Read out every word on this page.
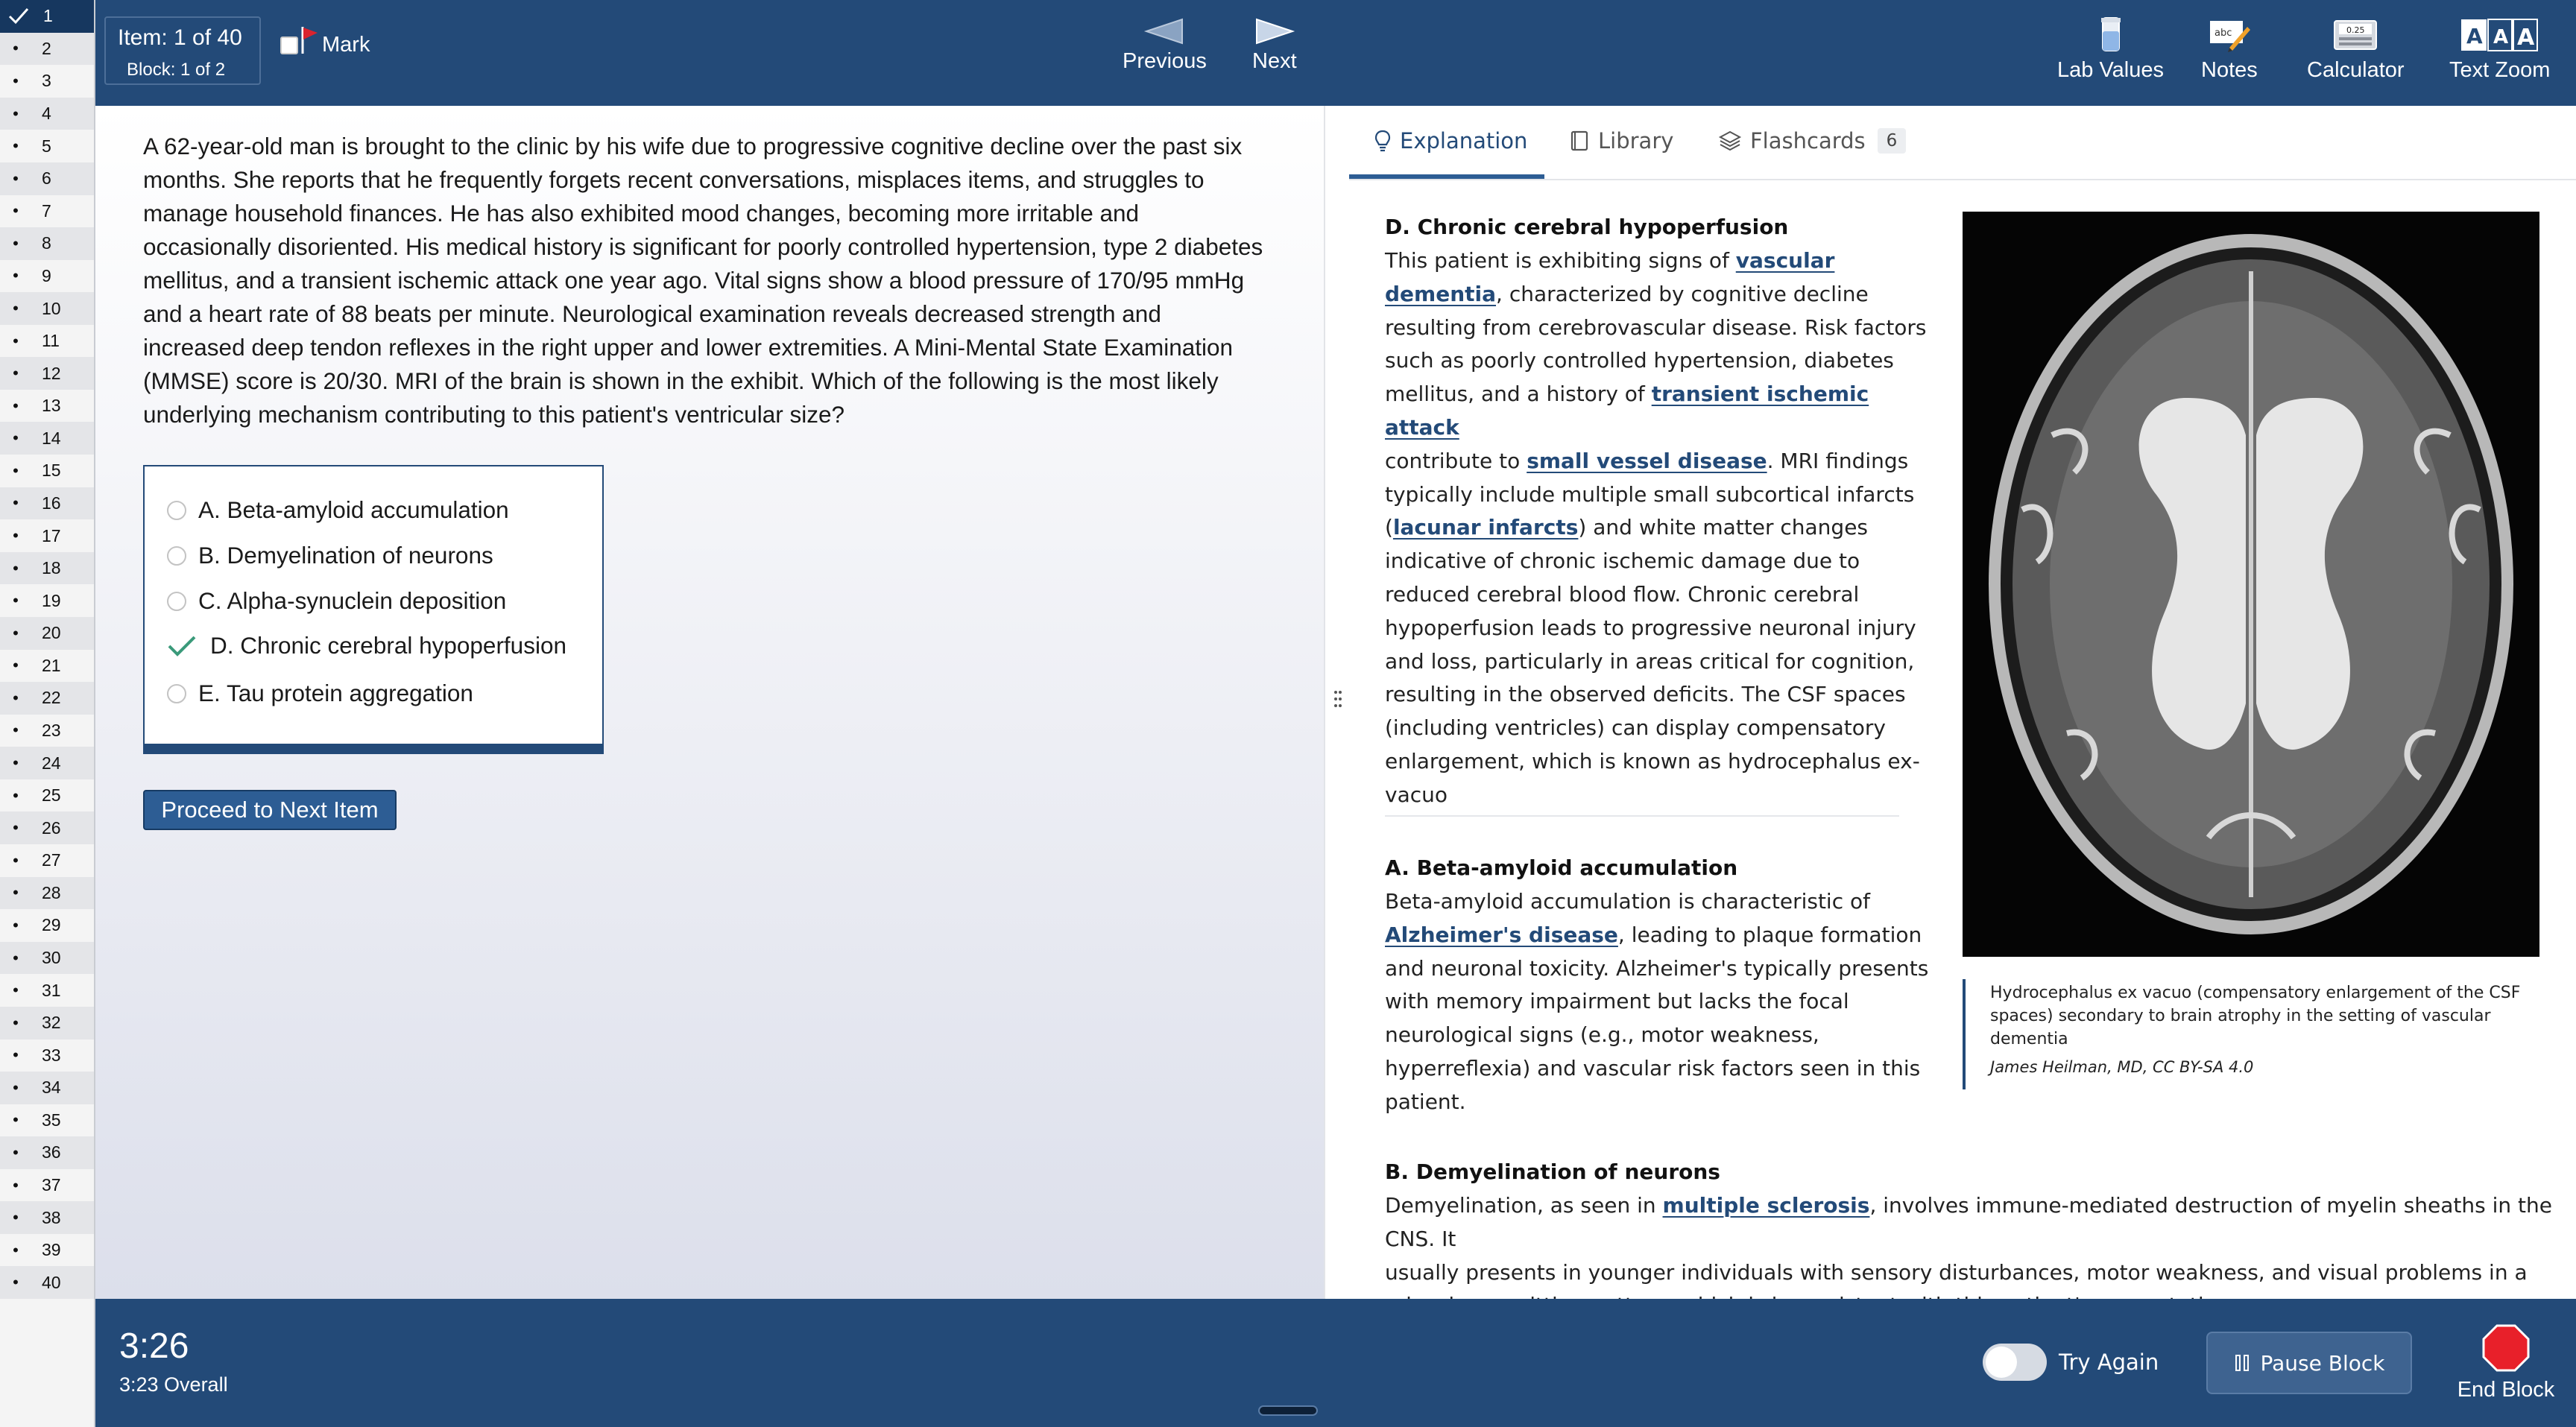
1
•	2
•	3
•	4
•	5
•	6
•	7
•	8
•	9
•	10
•	11
•	12
•	13
•	14
•	15
•	16
•	17
•	18
•	19
•	20
•	21
•	22
•	23
•	24
•	25
•	26
•	27
•	28
•	29
•	30
•	31
•	32
•	33
•	34
•	35
•	36
•	37
•	38
•	39
•	40
Item: 1 of 40
Block: 1 of 2
Mark
Previous Next	Lab Values
abc
Notes
0.25
Calculator
A A A
Text Zoom
A 62-year-old man is brought to the clinic by his wife due to progressive cognitive decline over the past six
months. She reports that he frequently forgets recent conversations, misplaces items, and struggles to
manage household finances. He has also exhibited mood changes, becoming more irritable and
occasionally disoriented. His medical history is significant for poorly controlled hypertension, type 2 diabetes
mellitus, and a transient ischemic attack one year ago. Vital signs show a blood pressure of 170/95 mmHg
and a heart rate of 88 beats per minute. Neurological examination reveals decreased strength and
increased deep tendon reflexes in the right upper and lower extremities. A Mini-Mental State Examination
(MMSE) score is 20/30. MRI of the brain is shown in the exhibit. Which of the following is the most likely
underlying mechanism contributing to this patient's ventricular size?
A. Beta-amyloid accumulation
B. Demyelination of neurons
C. Alpha-synuclein deposition
D. Chronic cerebral hypoperfusion
E. Tau protein aggregation
Proceed to Next Item
Explanation	Library	Flashcards	6
D. Chronic cerebral hypoperfusion
This patient is exhibiting signs of vascular
dementia, characterized by cognitive decline
resulting from cerebrovascular disease. Risk factors
such as poorly controlled hypertension, diabetes
mellitus, and a history of transient ischemic attack
contribute to small vessel disease. MRI findings
typically include multiple small subcortical infarcts
(lacunar infarcts) and white matter changes
indicative of chronic ischemic damage due to
reduced cerebral blood flow. Chronic cerebral
hypoperfusion leads to progressive neuronal injury
and loss, particularly in areas critical for cognition,
resulting in the observed deficits. The CSF spaces
(including ventricles) can display compensatory
enlargement, which is known as hydrocephalus ex-
vacuo
A. Beta-amyloid accumulation
Beta-amyloid accumulation is characteristic of
Alzheimer's disease, leading to plaque formation
and neuronal toxicity. Alzheimer's typically presents
with memory impairment but lacks the focal
neurological signs (e.g., motor weakness,
hyperreflexia) and vascular risk factors seen in this
patient.
B. Demyelination of neurons
Demyelination, as seen in multiple sclerosis, involves immune-mediated destruction of myelin sheaths in the CNS. It
usually presents in younger individuals with sensory disturbances, motor weakness, and visual problems in a
Hydrocephalus ex vacuo (compensatory enlargement of the CSF spaces) secondary to brain atrophy in the setting of vascular dementia
James Heilman, MD, CC BY-SA 4.0
3:26
3:23 Overall
Try Again	Pause Block
End Block
